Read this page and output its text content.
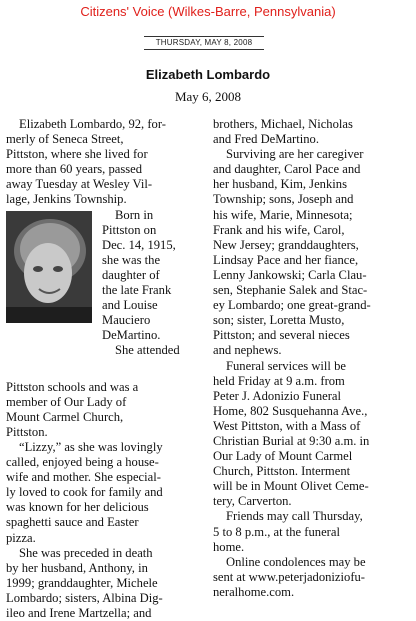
Citizens' Voice (Wilkes-Barre, Pennsylvania)
THURSDAY, MAY 8, 2008
Elizabeth Lombardo
May 6, 2008
Elizabeth Lombardo, 92, for-
merly of Seneca Street,
Pittston, where she lived for
more than 60 years, passed
away Tuesday at Wesley Vil-
lage, Jenkins Township.
Born in
Pittston on
Dec. 14, 1915,
she was the
daughter of
the late Frank
and Louise
Mauciero
DeMartino.
She attended
Pittston schools and was a
member of Our Lady of
Mount Carmel Church,
Pittston.
“Lizzy,” as she was lovingly
called, enjoyed being a house-
wife and mother. She especial-
ly loved to cook for family and
was known for her delicious
spaghetti sauce and Easter
pizza.
She was preceded in death
by her husband, Anthony, in
1999; granddaughter, Michele
Lombardo; sisters, Albina Dig-
ileo and Irene Martzella; and
brothers, Michael, Nicholas
and Fred DeMartino.
Surviving are her caregiver
and daughter, Carol Pace and
her husband, Kim, Jenkins
Township; sons, Joseph and
his wife, Marie, Minnesota;
Frank and his wife, Carol,
New Jersey; granddaughters,
Lindsay Pace and her fiance,
Lenny Jankowski; Carla Clau-
sen, Stephanie Salek and Stac-
ey Lombardo; one great-grand-
son; sister, Loretta Musto,
Pittston; and several nieces
and nephews.
Funeral services will be
held Friday at 9 a.m. from
Peter J. Adonizio Funeral
Home, 802 Susquehanna Ave.,
West Pittston, with a Mass of
Christian Burial at 9:30 a.m. in
Our Lady of Mount Carmel
Church, Pittston. Interment
will be in Mount Olivet Ceme-
tery, Carverton.
Friends may call Thursday,
5 to 8 p.m., at the funeral
home.
Online condolences may be
sent at www.peterjadoniziofu-
neralhome.com.
